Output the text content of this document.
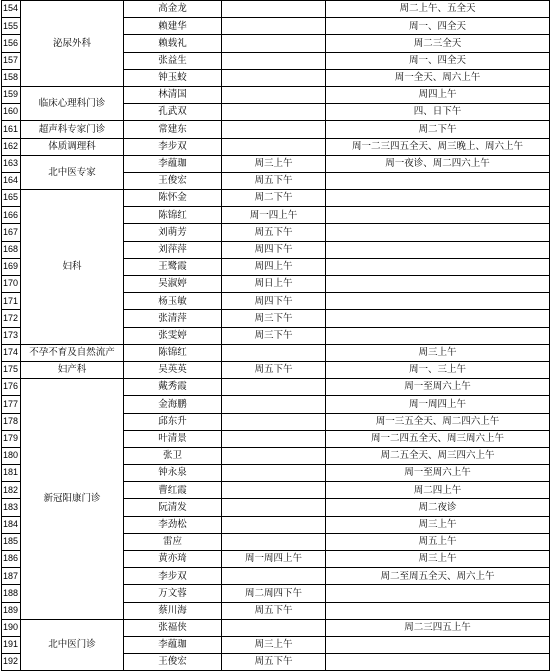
154	泌尿外科	高金龙		周二上午、五全天
155		赖建华		周一、四全天
156		赖载礼		周二三全天
157		张益生		周一、四全天
158		钟玉蛟		周一全天、周六上午
159	临床心理科门诊	林清国		周四上午
160		孔武双		四、日下午
161	超声科专家门诊	常建东		周二下午
162	体质调理科	李步双		周一二三四五全天、周三晚上、周六上午
163	北中医专家	李蕴珈	周三上午	周一夜诊、周二四六上午
164		王俊宏	周五下午	
165	妇科	陈怀金	周二下午	
166		陈锦红	周一四上午	
167		刘萌芳	周五下午	
168		刘萍萍	周四下午	
169		王鹭霞	周四上午	
170		吴淑婷	周日上午	
171		杨玉敏	周四下午	
172		张清萍	周三下午	
173		张雯婷	周三下午	
174	不孕不育及自然流产	陈锦红		周三上午
175	妇产科	吴英英	周五下午	周一、三上午
176	新冠阳康门诊	戴秀霞		周一至周六上午
177		金海鹏		周一周四上午
178		邱东升		周一三五全天、周二四六上午
179		叶清景		周一二四五全天、周三周六上午
180		张卫		周二五全天、周三四六上午
181		钟永泉		周一至周六上午
182		曹红霞		周二四上午
183		阮清发		周二夜诊
184		李劲松		周三上午
185		雷应		周五上午
186		黄亦琦	周一周四上午	周三上午
187		李步双		周二至周五全天、周六上午
188		万文蓉	周二周四下午	
189		蔡川海	周五下午	
190	北中医门诊	张福侠		周二三四五上午
191		李蕴珈	周三上午	
192		王俊宏	周五下午	
